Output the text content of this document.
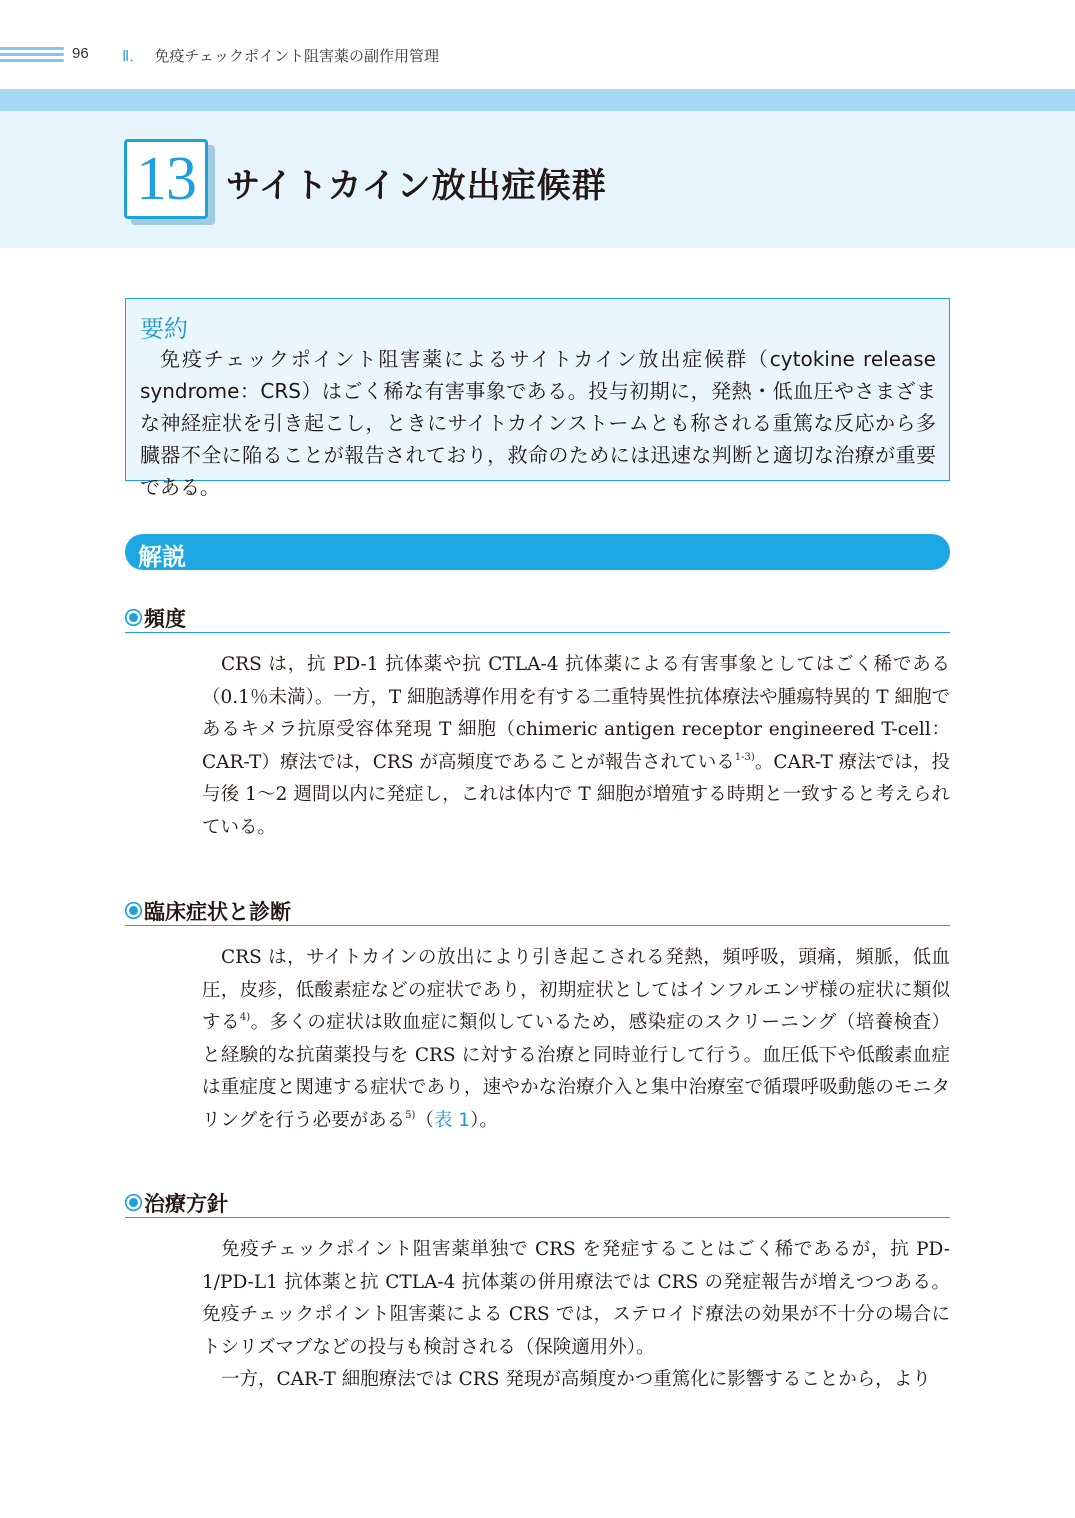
96 Ⅱ． 免疫チェックポイント阻害薬の副作用管理
13 サイトカイン放出症候群
要約

免疫チェックポイント阻害薬によるサイトカイン放出症候群（cytokine release syndrome：CRS）はごく稀な有害事象である。投与初期に，発熱・低血圧やさまざまな神経症状を引き起こし，ときにサイトカインストームとも称される重篤な反応から多臓器不全に陥ることが報告されており，救命のためには迅速な判断と適切な治療が重要である。

解説
頻度

CRS は，抗 PD-1 抗体薬や抗 CTLA-4 抗体薬による有害事象としてはごく稀である（0.1％未満）。一方，T 細胞誘導作用を有する二重特異性抗体療法や腫瘍特異的 T 細胞であるキメラ抗原受容体発現 T 細胞（chimeric antigen receptor engineered T-cell：CAR-T）療法では，CRS が高頻度であることが報告されている$^{1-3)}$。CAR-T 療法では，投与後 1〜2 週間以内に発症し，これは体内で T 細胞が増殖する時期と一致すると考えられている。

臨床症状と診断

CRS は，サイトカインの放出により引き起こされる発熱，頻呼吸，頭痛，頻脈，低血圧，皮疹，低酸素症などの症状であり，初期症状としてはインフルエンザ様の症状に類似する$^{4)}$。多くの症状は敗血症に類似しているため，感染症のスクリーニング（培養検査）と経験的な抗菌薬投与を CRS に対する治療と同時並行して行う。血圧低下や低酸素血症は重症度と関連する症状であり，速やかな治療介入と集中治療室で循環呼吸動態のモニタリングを行う必要がある$^{5)}$（表 1）。

治療方針

免疫チェックポイント阻害薬単独で CRS を発症することはごく稀であるが，抗 PD-1/PD-L1 抗体薬と抗 CTLA-4 抗体薬の併用療法では CRS の発症報告が増えつつある。免疫チェックポイント阻害薬による CRS では，ステロイド療法の効果が不十分の場合にトシリズマブなどの投与も検討される（保険適用外）。

一方，CAR-T 細胞療法では CRS 発現が高頻度かつ重篤化に影響することから，より
